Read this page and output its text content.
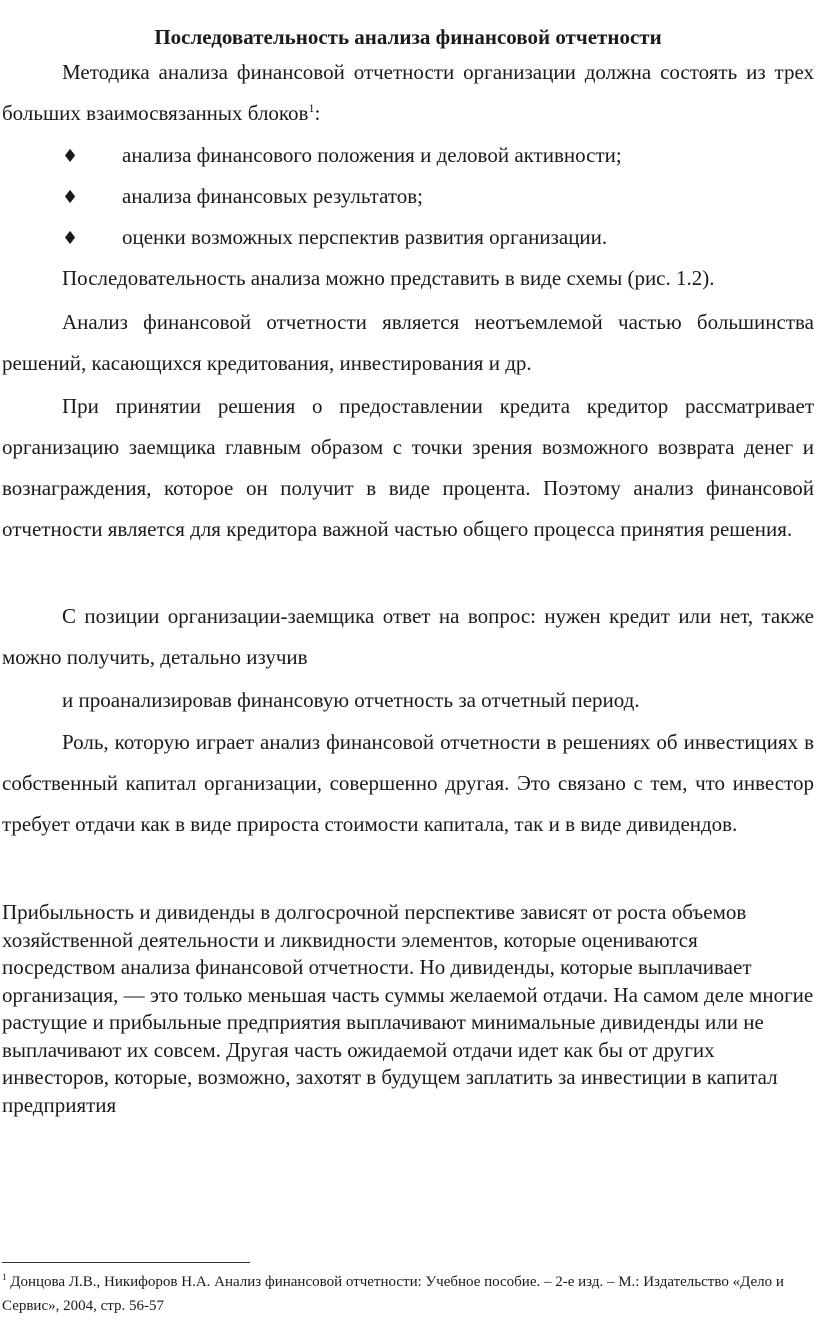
Последовательность анализа финансовой отчетности

Методика анализа финансовой отчетности организации должна состоять из трех больших взаимосвязанных блоков$^1$:

♦ анализа финансового положения и деловой активности;
♦ анализа финансовых результатов;
♦ оценки возможных перспектив развития организации.

Последовательность анализа можно представить в виде схемы (рис. 1.2).

Анализ финансовой отчетности является неотъемлемой частью большинства решений, касающихся кредитования, инвестирования и др.

При принятии решения о предоставлении кредита кредитор рассматривает организацию заемщика главным образом с точки зрения возможного возврата денег и вознаграждения, которое он получит в виде процента. Поэтому анализ финансовой отчетности является для кредитора важной частью общего процесса принятия решения.

С позиции организации-заемщика ответ на вопрос: нужен кредит или нет, также можно получить, детально изучив

и проанализировав финансовую отчетность за отчетный период.

Роль, которую играет анализ финансовой отчетности в решениях об инвестициях в собственный капитал организации, совершенно другая. Это связано с тем, что инвестор требует отдачи как в виде прироста стоимости капитала, так и в виде дивидендов.

Прибыльность и дивиденды в долгосрочной перспективе зависят от роста объемов хозяйственной деятельности и ликвидности элементов, которые оцениваются посредством анализа финансовой отчетности. Но дивиденды, которые выплачивает организация, — это только меньшая часть суммы желаемой отдачи. На самом деле многие растущие и прибыльные предприятия выплачивают минимальные дивиденды или не выплачивают их совсем. Другая часть ожидаемой отдачи идет как бы от других инвесторов, которые, возможно, захотят в будущем заплатить за инвестиции в капитал предприятия

$^1$ Донцова Л.В., Никифоров Н.А. Анализ финансовой отчетности: Учебное пособие. – 2-е изд. – М.: Издательство «Дело и Сервис», 2004, стр. 56-57
